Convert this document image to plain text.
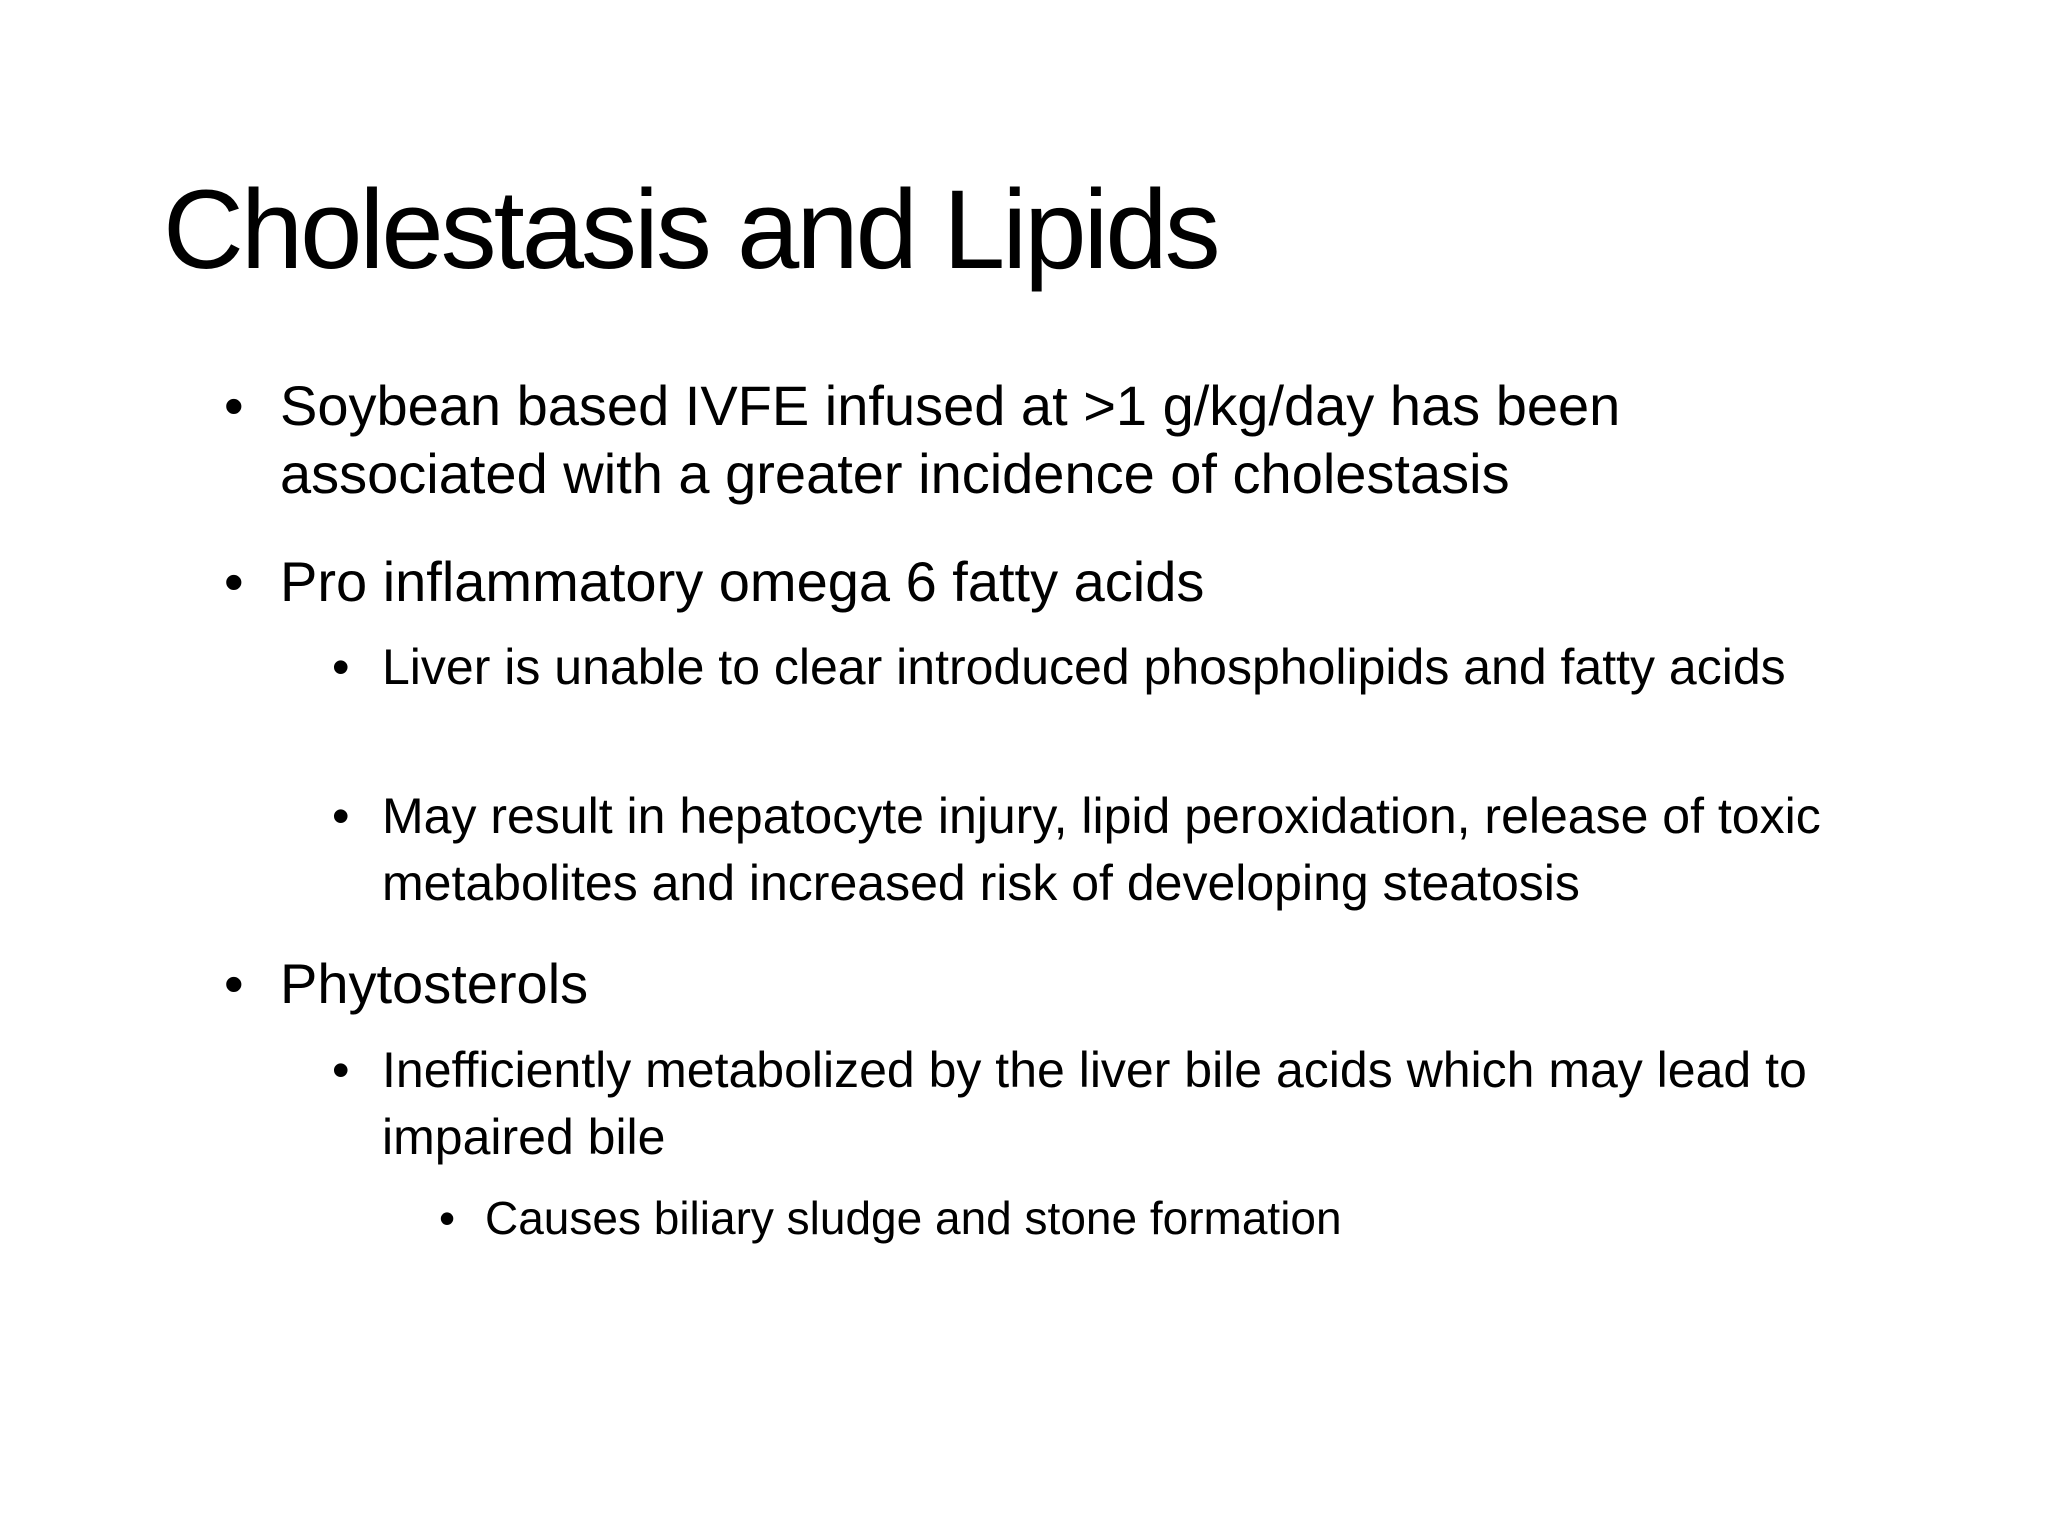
Cholestasis and Lipids
• Soybean based IVFE infused at >1 g/kg/day has been associated with a greater incidence of cholestasis
• Pro inflammatory omega 6 fatty acids
• Liver is unable to clear introduced phospholipids and fatty acids
• May result in hepatocyte injury, lipid peroxidation, release of toxic metabolites and increased risk of developing steatosis
• Phytosterols
• Inefficiently metabolized by the liver bile acids which may lead to impaired bile
• Causes biliary sludge and stone formation
